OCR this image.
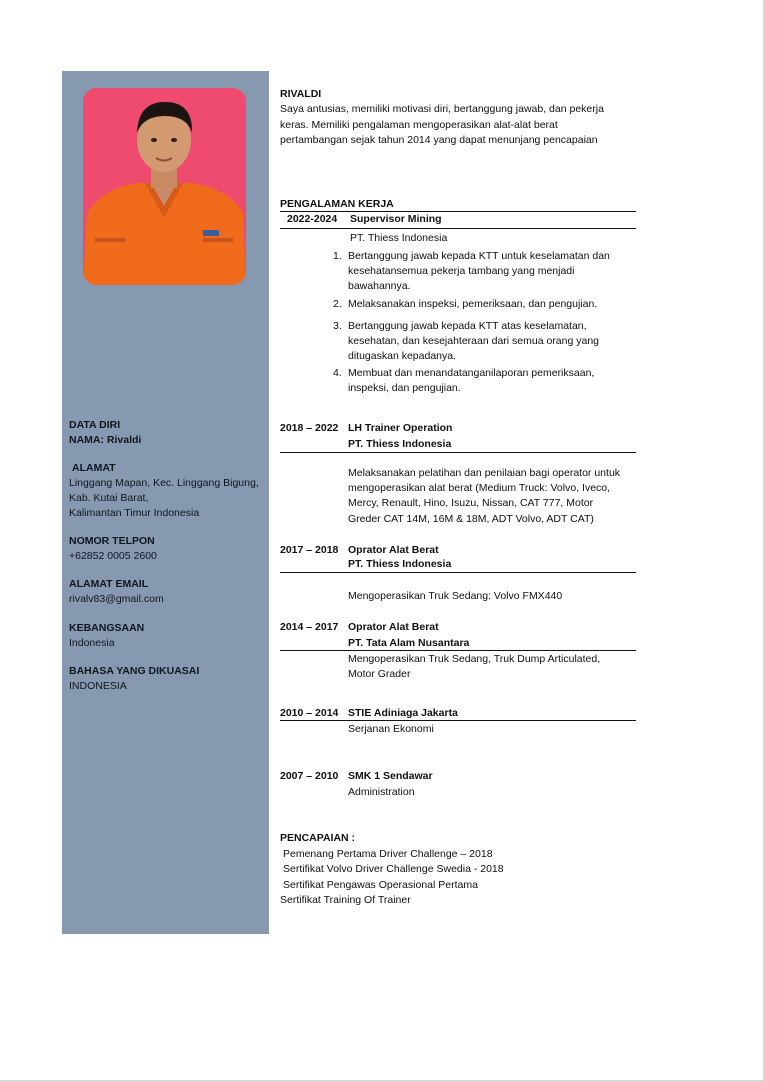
DATA DIRI
NAMA: Rivaldi
ALAMAT
Linggang Mapan, Kec. Linggang Bigung,
Kab. Kutai Barat,
Kalimantan Timur Indonesia
NOMOR TELPON
+62852 0005 2600
ALAMAT EMAIL
rivalv83@gmail.com
KEBANGSAAN
Indonesia
BAHASA YANG DIKUASAI
INDONESIA
RIVALDI
Saya antusias, memiliki motivasi diri, bertanggung jawab, dan pekerja
keras. Memiliki pengalaman mengoperasikan alat-alat berat
pertambangan sejak tahun 2014 yang dapat menunjang pencapaian
PENGALAMAN KERJA
2022-2024 Supervisor Mining
PT. Thiess Indonesia
1. Bertanggung jawab kepada KTT untuk keselamatan dan
kesehatansemua pekerja tambang yang menjadi
bawahannya.
2. Melaksanakan inspeksi, pemeriksaan, dan pengujian.
3. Bertanggung jawab kepada KTT atas keselamatan,
kesehatan, dan kesejahteraan dari semua orang yang
ditugaskan kepadanya.
4. Membuat dan menandatanganilaporan pemeriksaan,
inspeksi, dan pengujian.
2018 – 2022 LH Trainer Operation
PT. Thiess Indonesia
Melaksanakan pelatihan dan penilaian bagi operator untuk
mengoperasikan alat berat (Medium Truck: Volvo, Iveco,
Mercy, Renault, Hino, Isuzu, Nissan, CAT 777, Motor
Greder CAT 14M, 16M & 18M, ADT Volvo, ADT CAT)
2017 – 2018 Oprator Alat Berat
PT. Thiess Indonesia
Mengoperasikan Truk Sedang: Volvo FMX440
2014 – 2017 Oprator Alat Berat
PT. Tata Alam Nusantara
Mengoperasikan Truk Sedang, Truk Dump Articulated,
Motor Grader
2010 – 2014 STIE Adiniaga Jakarta
Serjanan Ekonomi
2007 – 2010 SMK 1 Sendawar
Administration
PENCAPAIAN :
Pemenang Pertama Driver Challenge – 2018
Sertifikat Volvo Driver Challenge Swedia - 2018
Sertifikat Pengawas Operasional Pertama
Sertifikat Training Of Trainer
